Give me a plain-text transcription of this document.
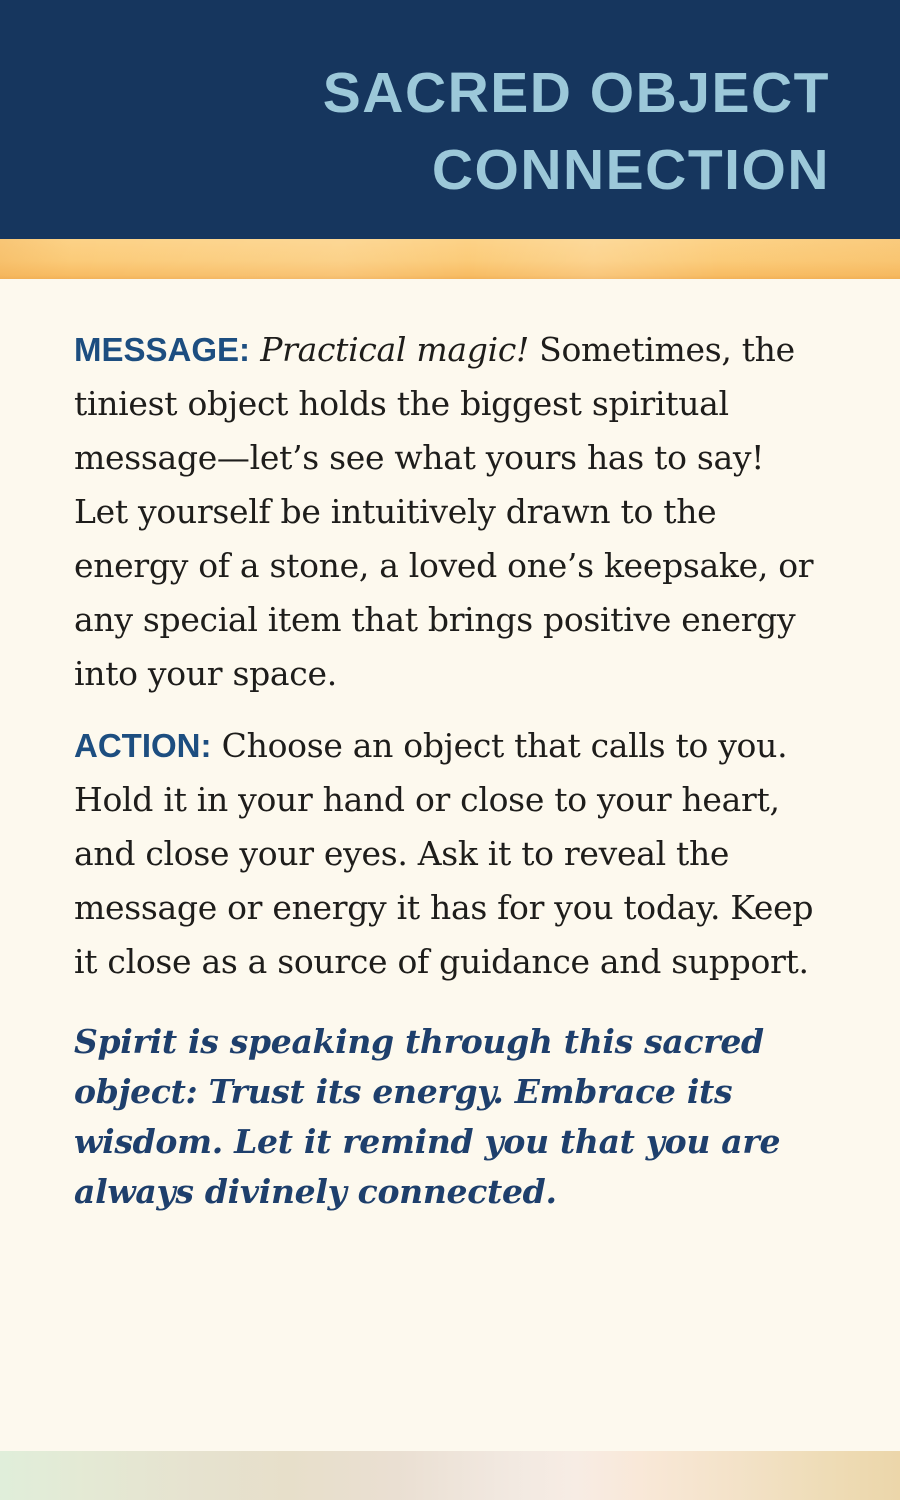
SACRED OBJECT
CONNECTION

MESSAGE: Practical magic! Sometimes, the tiniest object holds the biggest spiritual message—let’s see what yours has to say! Let yourself be intuitively drawn to the energy of a stone, a loved one’s keepsake, or any special item that brings positive energy into your space.

ACTION: Choose an object that calls to you. Hold it in your hand or close to your heart, and close your eyes. Ask it to reveal the message or energy it has for you today. Keep it close as a source of guidance and support.

Spirit is speaking through this sacred object: Trust its energy. Embrace its wisdom. Let it remind you that you are always divinely connected.
